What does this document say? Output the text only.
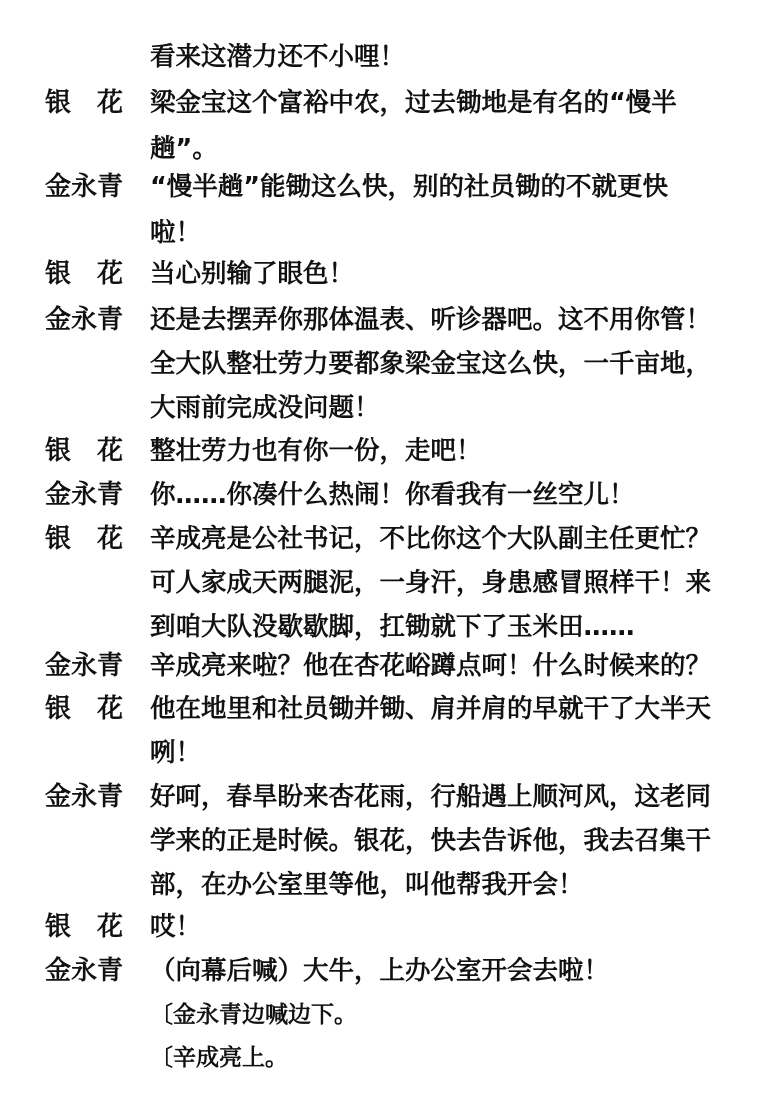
看来这潜力还不小哩！
银　花 梁金宝这个富裕中农，过去锄地是有名的“慢半
趟”。
金永青 “慢半趟”能锄这么快，别的社员锄的不就更快
啦！
银　花 当心别输了眼色！
金永青 还是去摆弄你那体温表、听诊器吧。这不用你管！
全大队整壮劳力要都象梁金宝这么快，一千亩地，
大雨前完成没问题！
银　花 整壮劳力也有你一份，走吧！
金永青 你……你凑什么热闹！你看我有一丝空儿！
银　花 辛成亮是公社书记，不比你这个大队副主任更忙？
可人家成天两腿泥，一身汗，身患感冒照样干！来
到咱大队没歇歇脚，扛锄就下了玉米田……
金永青 辛成亮来啦？他在杏花峪蹲点呵！什么时候来的？
银　花 他在地里和社员锄并锄、肩并肩的早就干了大半天
咧！
金永青 好呵，春旱盼来杏花雨，行船遇上顺河风，这老同
学来的正是时候。银花，快去告诉他，我去召集干
部，在办公室里等他，叫他帮我开会！
银　花 哎！
金永青 （向幕后喊）大牛，上办公室开会去啦！
〔金永青边喊边下。
〔辛成亮上。
